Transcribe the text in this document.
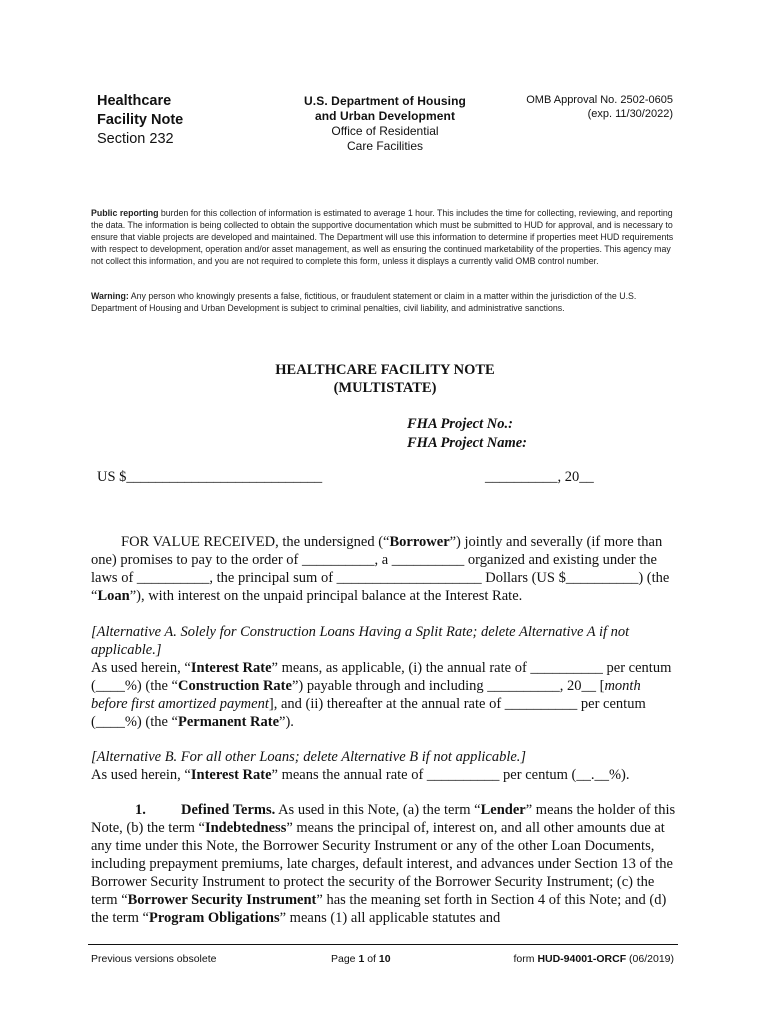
Healthcare
Facility Note
Section 232
U.S. Department of Housing
and Urban Development
Office of Residential
Care Facilities
OMB Approval No. 2502-0605
(exp. 11/30/2022)
Public reporting burden for this collection of information is estimated to average 1 hour. This includes the time for collecting, reviewing, and reporting the data. The information is being collected to obtain the supportive documentation which must be submitted to HUD for approval, and is necessary to ensure that viable projects are developed and maintained. The Department will use this information to determine if properties meet HUD requirements with respect to development, operation and/or asset management, as well as ensuring the continued marketability of the properties. This agency may not collect this information, and you are not required to complete this form, unless it displays a currently valid OMB control number.
Warning: Any person who knowingly presents a false, fictitious, or fraudulent statement or claim in a matter within the jurisdiction of the U.S. Department of Housing and Urban Development is subject to criminal penalties, civil liability, and administrative sanctions.
HEALTHCARE FACILITY NOTE
(MULTISTATE)
FHA Project No.:
FHA Project Name:
US $___________________________	__________, 20__
FOR VALUE RECEIVED, the undersigned (“Borrower”) jointly and severally (if more than one) promises to pay to the order of __________, a __________ organized and existing under the laws of __________, the principal sum of ____________________ Dollars (US $__________) (the “Loan”), with interest on the unpaid principal balance at the Interest Rate.
[Alternative A. Solely for Construction Loans Having a Split Rate; delete Alternative A if not applicable.]
As used herein, “Interest Rate” means, as applicable, (i) the annual rate of __________ per centum (____%) (the “Construction Rate”) payable through and including __________, 20__ [month before first amortized payment], and (ii) thereafter at the annual rate of __________ per centum (____%) (the “Permanent Rate”).
[Alternative B. For all other Loans; delete Alternative B if not applicable.]
As used herein, “Interest Rate” means the annual rate of __________ per centum (__.__%).
1. Defined Terms. As used in this Note, (a) the term “Lender” means the holder of this Note, (b) the term “Indebtedness” means the principal of, interest on, and all other amounts due at any time under this Note, the Borrower Security Instrument or any of the other Loan Documents, including prepayment premiums, late charges, default interest, and advances under Section 13 of the Borrower Security Instrument to protect the security of the Borrower Security Instrument; (c) the term “Borrower Security Instrument” has the meaning set forth in Section 4 of this Note; and (d) the term “Program Obligations” means (1) all applicable statutes and
Previous versions obsolete	Page 1 of 10	form HUD-94001-ORCF (06/2019)
